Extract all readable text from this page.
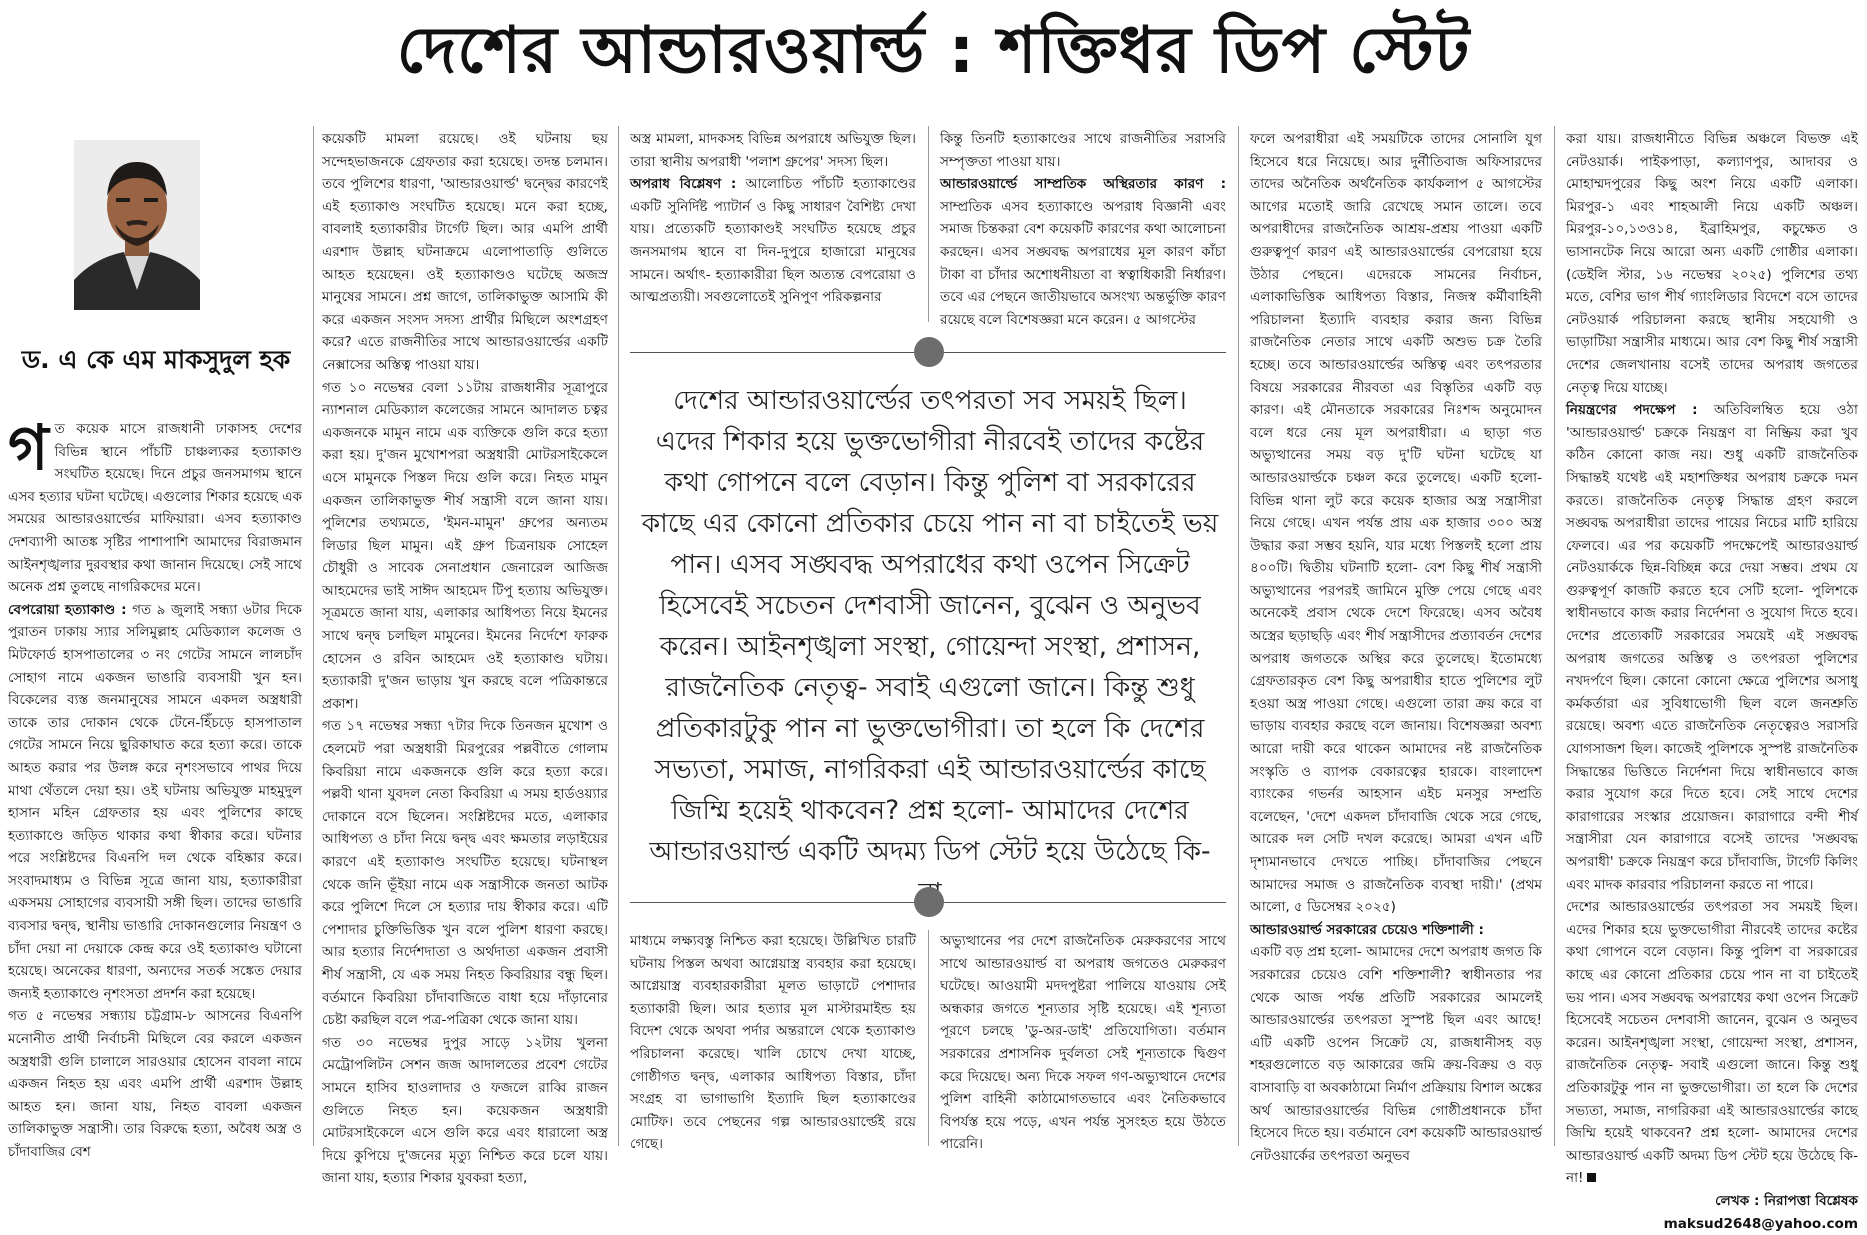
দেশের আন্ডারওয়ার্ল্ড : শক্তিধর ডিপ স্টেট
ড. এ কে এম মাকসুদুল হক

গত কয়েক মাসে রাজধানী ঢাকাসহ দেশের বিভিন্ন স্থানে পাঁচটি চাঞ্চল্যকর হত্যাকাণ্ড সংঘটিত হয়েছে। দিনে প্রচুর জনসমাগম স্থানে এসব হত্যার ঘটনা ঘটেছে। এগুলোর শিকার হয়েছে এক সময়ের আন্ডারওয়ার্ল্ডের মাফিয়ারা। এসব হত্যাকাণ্ড দেশব্যাপী আতঙ্ক সৃষ্টির পাশাপাশি আমাদের বিরাজমান আইনশৃঙ্খলার দুরবস্থার কথা জানান দিয়েছে। সেই সাথে অনেক প্রশ্ন তুলছে নাগরিকদের মনে।

বেপরোয়া হত্যাকাণ্ড : গত ৯ জুলাই সন্ধ্যা ৬টার দিকে পুরাতন ঢাকায় স্যার সলিমুল্লাহ মেডিক্যাল কলেজ ও মিটফোর্ড হাসপাতালের ৩ নং গেটের সামনে লালচাঁদ সোহাগ নামে একজন ভাঙারি ব্যবসায়ী খুন হন। বিকেলের ব্যস্ত জনমানুষের সামনে একদল অস্ত্রধারী তাকে তার দোকান থেকে টেনে-হিঁচড়ে হাসপাতাল গেটের সামনে নিয়ে ছুরিকাঘাত করে হত্যা করে। তাকে আহত করার পর উলঙ্গ করে নৃশংসভাবে পাথর দিয়ে মাথা থেঁতলে দেয়া হয়। ওই ঘটনায় অভিযুক্ত মাহমুদুল হাসান মহিন গ্রেফতার হয় এবং পুলিশের কাছে হত্যাকাণ্ডে জড়িত থাকার কথা স্বীকার করে। ঘটনার পরে সংশ্লিষ্টদের বিএনপি দল থেকে বহিষ্কার করে। সংবাদমাধ্যম ও বিভিন্ন সূত্রে জানা যায়, হত্যাকারীরা একসময় সোহাগের ব্যবসায়ী সঙ্গী ছিল। তাদের ভাঙারি ব্যবসার দ্বন্দ্ব, স্থানীয় ভাঙারি দোকানগুলোর নিয়ন্ত্রণ ও চাঁদা দেয়া না দেয়াকে কেন্দ্র করে ওই হত্যাকাণ্ড ঘটানো হয়েছে। অনেকের ধারণা, অন্যদের সতর্ক সঙ্কেত দেয়ার জন্যই হত্যাকাণ্ডে নৃশংসতা প্রদর্শন করা হয়েছে।

গত ৫ নভেম্বর সন্ধ্যায় চট্টগ্রাম-৮ আসনের বিএনপি মনোনীত প্রার্থী নির্বাচনী মিছিলে বের করলে একজন অস্ত্রধারী গুলি চালালে সারওয়ার হোসেন বাবলা নামে একজন নিহত হয় এবং এমপি প্রার্থী এরশাদ উল্লাহ আহত হন। জানা যায়, নিহত বাবলা একজন তালিকাভুক্ত সন্ত্রাসী। তার বিরুদ্ধে হত্যা, অবৈধ অস্ত্র ও চাঁদাবাজির বেশ

কয়েকটি মামলা রয়েছে। ওই ঘটনায় ছয় সন্দেহভাজনকে গ্রেফতার করা হয়েছে। তদন্ত চলমান। তবে পুলিশের ধারণা, 'আন্ডারওয়ার্ল্ড' দ্বন্দ্বের কারণেই এই হত্যাকাণ্ড সংঘটিত হয়েছে। মনে করা হচ্ছে, বাবলাই হত্যাকারীর টার্গেট ছিল। আর এমপি প্রার্থী এরশাদ উল্লাহ ঘটনাক্রমে এলোপাতাড়ি গুলিতে আহত হয়েছেন। ওই হত্যাকাণ্ডও ঘটেছে অজস্র মানুষের সামনে। প্রশ্ন জাগে, তালিকাভুক্ত আসামি কী করে একজন সংসদ সদস্য প্রার্থীর মিছিলে অংশগ্রহণ করে? এতে রাজনীতির সাথে আন্ডারওয়ার্ল্ডের একটি নেক্সাসের অস্তিত্ব পাওয়া যায়।

গত ১০ নভেম্বর বেলা ১১টায় রাজধানীর সূত্রাপুরে ন্যাশনাল মেডিক্যাল কলেজের সামনে আদালত চত্বর একজনকে মামুন নামে এক ব্যক্তিকে গুলি করে হত্যা করা হয়। দু'জন মুখোশপরা অস্ত্রধারী মোটরসাইকেলে এসে মামুনকে পিস্তল দিয়ে গুলি করে। নিহত মামুন একজন তালিকাভুক্ত শীর্ষ সন্ত্রাসী বলে জানা যায়। পুলিশের তথ্যমতে, 'ইমন-মামুন' গ্রুপের অন্যতম লিডার ছিল মামুন। এই গ্রুপ চিত্রনায়ক সোহেল চৌধুরী ও সাবেক সেনাপ্রধান জেনারেল আজিজ আহমেদের ভাই সাঈদ আহমেদ টিপু হত্যায় অভিযুক্ত। সূত্রমতে জানা যায়, এলাকার আধিপত্য নিয়ে ইমনের সাথে দ্বন্দ্ব চলছিল মামুনের। ইমনের নির্দেশে ফারুক হোসেন ও রবিন আহমেদ ওই হত্যাকাণ্ড ঘটায়। হত্যাকারী দু'জন ভাড়ায় খুন করছে বলে পত্রিকান্তরে প্রকাশ।

গত ১৭ নভেম্বর সন্ধ্যা ৭টার দিকে তিনজন মুখোশ ও হেলমেট পরা অস্ত্রধারী মিরপুরের পল্লবীতে গোলাম কিবরিয়া নামে একজনকে গুলি করে হত্যা করে। পল্লবী থানা যুবদল নেতা কিবরিয়া এ সময় হার্ডওয়্যার দোকানে বসে ছিলেন। সংশ্লিষ্টদের মতে, এলাকার আধিপত্য ও চাঁদা নিয়ে দ্বন্দ্ব এবং ক্ষমতার লড়াইয়ের কারণে এই হত্যাকাণ্ড সংঘটিত হয়েছে। ঘটনাস্থল থেকে জনি ভূঁইয়া নামে এক সন্ত্রাসীকে জনতা আটক করে পুলিশে দিলে সে হত্যার দায় স্বীকার করে। এটি পেশাদার চুক্তিভিত্তিক খুন বলে পুলিশ ধারণা করছে। আর হত্যার নির্দেশদাতা ও অর্থদাতা একজন প্রবাসী শীর্ষ সন্ত্রাসী, যে এক সময় নিহত কিবরিয়ার বন্ধু ছিল। বর্তমানে কিবরিয়া চাঁদাবাজিতে বাধা হয়ে দাঁড়ানোর চেষ্টা করছিল বলে পত্র-পত্রিকা থেকে জানা যায়।

গত ৩০ নভেম্বর দুপুর সাড়ে ১২টায় খুলনা মেট্রোপলিটন সেশন জজ আদালতের প্রবেশ গেটের সামনে হাসিব হাওলাদার ও ফজলে রাব্বি রাজন গুলিতে নিহত হন। কয়েকজন অস্ত্রধারী মোটরসাইকেলে এসে গুলি করে এবং ধারালো অস্ত্র দিয়ে কুপিয়ে দু'জনের মৃত্যু নিশ্চিত করে চলে যায়। জানা যায়, হত্যার শিকার যুবকরা হত্যা,

অস্ত্র মামলা, মাদকসহ বিভিন্ন অপরাধে অভিযুক্ত ছিল। তারা স্থানীয় অপরাধী 'পলাশ গ্রুপের' সদস্য ছিল।

অপরাধ বিশ্লেষণ : আলোচিত পাঁচটি হত্যাকাণ্ডের একটি সুনির্দিষ্ট প্যাটার্ন ও কিছু সাধারণ বৈশিষ্ট্য দেখা যায়। প্রত্যেকটি হত্যাকাণ্ডই সংঘটিত হয়েছে প্রচুর জনসমাগম স্থানে বা দিন-দুপুরে হাজারো মানুষের সামনে। অর্থাৎ- হত্যাকারীরা ছিল অত্যন্ত বেপরোয়া ও আত্মপ্রত্যয়ী। সবগুলোতেই সুনিপুণ পরিকল্পনার

কিন্তু তিনটি হত্যাকাণ্ডের সাথে রাজনীতির সরাসরি সম্পৃক্ততা পাওয়া যায়।

আন্ডারওয়ার্ল্ডে সাম্প্রতিক অস্থিরতার কারণ : সাম্প্রতিক এসব হত্যাকাণ্ডে অপরাধ বিজ্ঞানী এবং সমাজ চিন্তকরা বেশ কয়েকটি কারণের কথা আলোচনা করছেন। এসব সঙ্ঘবদ্ধ অপরাধের মূল কারণ কাঁচা টাকা বা চাঁদার অশোধনীয়তা বা স্বত্বাধিকারী নির্ধারণ। তবে এর পেছনে জাতীয়ভাবে অসংখ্য অন্তর্ভুক্তি কারণ রয়েছে বলে বিশেষজ্ঞরা মনে করেন। ৫ আগস্টের

দেশের আন্ডারওয়ার্ল্ডের তৎপরতা সব সময়ই ছিল। এদের শিকার হয়ে ভুক্তভোগীরা নীরবেই তাদের কষ্টের কথা গোপনে বলে বেড়ান। কিন্তু পুলিশ বা সরকারের কাছে এর কোনো প্রতিকার চেয়ে পান না বা চাইতেই ভয় পান। এসব সঙ্ঘবদ্ধ অপরাধের কথা ওপেন সিক্রেট হিসেবেই সচেতন দেশবাসী জানেন, বুঝেন ও অনুভব করেন। আইনশৃঙ্খলা সংস্থা, গোয়েন্দা সংস্থা, প্রশাসন, রাজনৈতিক নেতৃত্ব- সবাই এগুলো জানে। কিন্তু শুধু প্রতিকারটুকু পান না ভুক্তভোগীরা। তা হলে কি দেশের সভ্যতা, সমাজ, নাগরিকরা এই আন্ডারওয়ার্ল্ডের কাছে জিম্মি হয়েই থাকবেন? প্রশ্ন হলো- আমাদের দেশের আন্ডারওয়ার্ল্ড একটি অদম্য ডিপ স্টেট হয়ে উঠেছে কি-

মাধ্যমে লক্ষ্যবস্তু নিশ্চিত করা হয়েছে। উল্লিখিত চারটি ঘটনায় পিস্তল অথবা আগ্নেয়াস্ত্র ব্যবহার করা হয়েছে। আগ্নেয়াস্ত্র ব্যবহারকারীরা মূলত ভাড়াটে পেশাদার হত্যাকারী ছিল। আর হত্যার মূল মাস্টারমাইন্ড হয় বিদেশ থেকে অথবা পর্দার অন্তরালে থেকে হত্যাকাণ্ড পরিচালনা করেছে। খালি চোখে দেখা যাচ্ছে, গোষ্ঠীগত দ্বন্দ্ব, এলাকার আধিপত্য বিস্তার, চাঁদা সংগ্রহ বা ভাগাভাগি ইত্যাদি ছিল হত্যাকাণ্ডের মোটিফ। তবে পেছনের গল্প আন্ডারওয়ার্ল্ডেই রয়ে গেছে।

অভ্যুত্থানের পর দেশে রাজনৈতিক মেরুকরণের সাথে সাথে আন্ডারওয়ার্ল্ড বা অপরাধ জগতেও মেরুকরণ ঘটেছে। আওয়ামী মদদপুষ্টরা পালিয়ে যাওয়ায় সেই অন্ধকার জগতে শূন্যতার সৃষ্টি হয়েছে। এই শূন্যতা পূরণে চলছে 'ডু-অর-ডাই' প্রতিযোগিতা। বর্তমান সরকারের প্রশাসনিক দুর্বলতা সেই শূন্যতাকে দ্বিগুণ করে দিয়েছে। অন্য দিকে সফল গণ-অভ্যুত্থানে দেশের পুলিশ বাহিনী কাঠামোগতভাবে এবং নৈতিকভাবে বিপর্যস্ত হয়ে পড়ে, এখন পর্যন্ত সুসংহত হয়ে উঠতে পারেনি।

ফলে অপরাধীরা এই সময়টিকে তাদের সোনালি যুগ হিসেবে ধরে নিয়েছে। আর দুর্নীতিবাজ অফিসারদের তাদের অনৈতিক অর্থনৈতিক কার্যকলাপ ৫ আগস্টের আগের মতোই জারি রেখেছে সমান তালে। তবে অপরাধীদের রাজনৈতিক আশ্রয়-প্রশ্রয় পাওয়া একটি গুরুত্বপূর্ণ কারণ এই আন্ডারওয়ার্ল্ডের বেপরোয়া হয়ে উঠার পেছনে। এদেরকে সামনের নির্বাচন, এলাকাভিত্তিক আধিপত্য বিস্তার, নিজস্ব কর্মীবাহিনী পরিচালনা ইত্যাদি ব্যবহার করার জন্য বিভিন্ন রাজনৈতিক নেতার সাথে একটি অশুভ চক্র তৈরি হচ্ছে। তবে আন্ডারওয়ার্ল্ডের অস্তিত্ব এবং তৎপরতার বিষয়ে সরকারের নীরবতা এর বিস্তৃতির একটি বড় কারণ। এই মৌনতাকে সরকারের নিঃশব্দ অনুমোদন বলে ধরে নেয় মূল অপরাধীরা। এ ছাড়া গত অভ্যুত্থানের সময় বড় দু'টি ঘটনা ঘটেছে যা আন্ডারওয়ার্ল্ডকে চঞ্চল করে তুলেছে। একটি হলো- বিভিন্ন থানা লুট করে কয়েক হাজার অস্ত্র সন্ত্রাসীরা নিয়ে গেছে। এখন পর্যন্ত প্রায় এক হাজার ৩০০ অস্ত্র উদ্ধার করা সম্ভব হয়নি, যার মধ্যে পিস্তলই হলো প্রায় ৪০০টি। দ্বিতীয় ঘটনাটি হলো- বেশ কিছু শীর্ষ সন্ত্রাসী অভ্যুত্থানের পরপরই জামিনে মুক্তি পেয়ে গেছে এবং অনেকেই প্রবাস থেকে দেশে ফিরেছে। এসব অবৈধ অস্ত্রের ছড়াছড়ি এবং শীর্ষ সন্ত্রাসীদের প্রত্যাবর্তন দেশের অপরাধ জগতকে অস্থির করে তুলেছে। ইতোমধ্যে গ্রেফতারকৃত বেশ কিছু অপরাধীর হাতে পুলিশের লুট হওয়া অস্ত্র পাওয়া গেছে। এগুলো তারা ক্রয় করে বা ভাড়ায় ব্যবহার করছে বলে জানায়। বিশেষজ্ঞরা অবশ্য আরো দায়ী করে থাকেন আমাদের নষ্ট রাজনৈতিক সংস্কৃতি ও ব্যাপক বেকারত্বের হারকে। বাংলাদেশ ব্যাংকের গভর্নর আহসান এইচ মনসুর সম্প্রতি বলেছেন, 'দেশে একদল চাঁদাবাজি থেকে সরে গেছে, আরেক দল সেটি দখল করেছে। আমরা এখন এটি দৃশ্যমানভাবে দেখতে পাচ্ছি। চাঁদাবাজির পেছনে আমাদের সমাজ ও রাজনৈতিক ব্যবস্থা দায়ী।' (প্রথম আলো, ৫ ডিসেম্বর ২০২৫)

আন্ডারওয়ার্ল্ড সরকারের চেয়েও শক্তিশালী :

একটি বড় প্রশ্ন হলো- আমাদের দেশে অপরাধ জগত কি সরকারের চেয়েও বেশি শক্তিশালী? স্বাধীনতার পর থেকে আজ পর্যন্ত প্রতিটি সরকারের আমলেই আন্ডারওয়ার্ল্ডের তৎপরতা সুস্পষ্ট ছিল এবং আছে! এটি একটি ওপেন সিক্রেট যে, রাজধানীসহ বড় শহরগুলোতে বড় আকারের জমি ক্রয়-বিক্রয় ও বড় বাসাবাড়ি বা অবকাঠামো নির্মাণ প্রক্রিয়ায় বিশাল অঙ্কের অর্থ আন্ডারওয়ার্ল্ডের বিভিন্ন গোষ্ঠীপ্রধানকে চাঁদা হিসেবে দিতে হয়। বর্তমানে বেশ কয়েকটি আন্ডারওয়ার্ল্ড নেটওয়ার্কের তৎপরতা অনুভব

করা যায়। রাজধানীতে বিভিন্ন অঞ্চলে বিভক্ত এই নেটওয়ার্ক। পাইকপাড়া, কল্যাণপুর, আদাবর ও মোহাম্মদপুরের কিছু অংশ নিয়ে একটি এলাকা। মিরপুর-১ এবং শাহআলী নিয়ে একটি অঞ্চল। মিরপুর-১০,১৩ও১৪, ইব্রাহিমপুর, কচুক্ষেত ও ভাসানটেক নিয়ে আরো অন্য একটি গোষ্ঠীর এলাকা। (ডেইলি স্টার, ১৬ নভেম্বর ২০২৫) পুলিশের তথ্য মতে, বেশির ভাগ শীর্ষ গ্যাংলিডার বিদেশে বসে তাদের নেটওয়ার্ক পরিচালনা করছে স্থানীয় সহযোগী ও ভাড়াটিয়া সন্ত্রাসীর মাধ্যমে। আর বেশ কিছু শীর্ষ সন্ত্রাসী দেশের জেলখানায় বসেই তাদের অপরাধ জগতের নেতৃত্ব দিয়ে যাচ্ছে।

নিয়ন্ত্রণের পদক্ষেপ : অতিবিলম্বিত হয়ে ওঠা 'আন্ডারওয়ার্ল্ড' চক্রকে নিয়ন্ত্রণ বা নিষ্ক্রিয় করা খুব কঠিন কোনো কাজ নয়। শুধু একটি রাজনৈতিক সিদ্ধান্তই যথেষ্ট এই মহাশক্তিধর অপরাধ চক্রকে দমন করতে। রাজনৈতিক নেতৃত্ব সিদ্ধান্ত গ্রহণ করলে সঙ্ঘবদ্ধ অপরাধীরা তাদের পায়ের নিচের মাটি হারিয়ে ফেলবে। এর পর কয়েকটি পদক্ষেপেই আন্ডারওয়ার্ল্ড নেটওয়ার্ককে ছিন্ন-বিচ্ছিন্ন করে দেয়া সম্ভব। প্রথম যে গুরুত্বপূর্ণ কাজটি করতে হবে সেটি হলো- পুলিশকে স্বাধীনভাবে কাজ করার নির্দেশনা ও সুযোগ দিতে হবে। দেশের প্রত্যেকটি সরকারের সময়েই এই সঙ্ঘবদ্ধ অপরাধ জগতের অস্তিত্ব ও তৎপরতা পুলিশের নখদর্পণে ছিল। কোনো কোনো ক্ষেত্রে পুলিশের অসাধু কর্মকর্তারা এর সুবিধাভোগী ছিল বলে জনশ্রুতি রয়েছে। অবশ্য এতে রাজনৈতিক নেতৃত্বেরও সরাসরি যোগসাজশ ছিল। কাজেই পুলিশকে সুস্পষ্ট রাজনৈতিক সিদ্ধান্তের ভিত্তিতে নির্দেশনা দিয়ে স্বাধীনভাবে কাজ করার সুযোগ করে দিতে হবে। সেই সাথে দেশের কারাগারের সংস্কার প্রয়োজন। কারাগারে বন্দী শীর্ষ সন্ত্রাসীরা যেন কারাগারে বসেই তাদের 'সঙ্ঘবদ্ধ অপরাধী' চক্রকে নিয়ন্ত্রণ করে চাঁদাবাজি, টার্গেট কিলিং এবং মাদক কারবার পরিচালনা করতে না পারে।

দেশের আন্ডারওয়ার্ল্ডের তৎপরতা সব সময়ই ছিল। এদের শিকার হয়ে ভুক্তভোগীরা নীরবেই তাদের কষ্টের কথা গোপনে বলে বেড়ান। কিন্তু পুলিশ বা সরকারের কাছে এর কোনো প্রতিকার চেয়ে পান না বা চাইতেই ভয় পান। এসব সঙ্ঘবদ্ধ অপরাধের কথা ওপেন সিক্রেট হিসেবেই সচেতন দেশবাসী জানেন, বুঝেন ও অনুভব করেন। আইনশৃঙ্খলা সংস্থা, গোয়েন্দা সংস্থা, প্রশাসন, রাজনৈতিক নেতৃত্ব- সবাই এগুলো জানে। কিন্তু শুধু প্রতিকারটুকু পান না ভুক্তভোগীরা। তা হলে কি দেশের সভ্যতা, সমাজ, নাগরিকরা এই আন্ডারওয়ার্ল্ডের কাছে জিম্মি হয়েই থাকবেন? প্রশ্ন হলো- আমাদের দেশের আন্ডারওয়ার্ল্ড একটি অদম্য ডিপ স্টেট হয়ে উঠেছে কি-না!

লেখক : নিরাপত্তা বিশ্লেষক

maksud2648@yahoo.com
